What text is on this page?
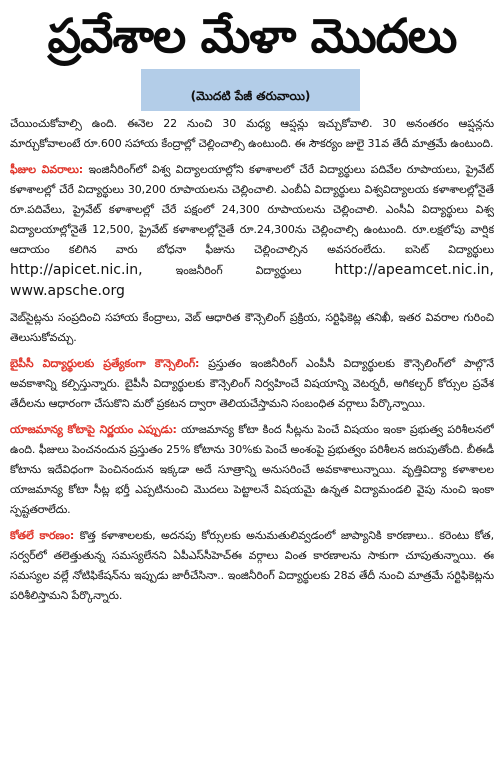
ప్రవేశాల మేళా మొదలు
(మొదటి పేజీ తరువాయి)

చేయించుకోవాల్సి ఉంది. ఈనెల 22 నుంచి 30 మధ్య ఆప్షన్లు ఇచ్చుకోవాలి. 30 అనంతరం ఆప్షన్లను మార్చుకోవాలంటే రూ.600 సహాయ కేంద్రాల్లో చెల్లించాల్సి ఉంటుంది. ఈ సౌకర్యం జులై 31వ తేదీ మాత్రమే ఉంటుంది.

ఫీజుల వివరాలు: ఇంజినీరింగ్‌లో విశ్వ విద్యాలయాల్లోని కళాశాలలో చేరే విద్యార్థులు పదివేల రూపాయలు, ప్రైవేట్ కళాశాలల్లో చేరే విద్యార్థులు 30,200 రూపాయలను చెల్లించాలి. ఎంబీఏ విద్యార్థులు విశ్వవిద్యాలయ కళాశాలల్లోనైతే రూ.పదివేలు, ప్రైవేట్ కళాశాలల్లో చేరే పక్షంలో 24,300 రూపాయలను చెల్లించాలి. ఎంసీఏ విద్యార్థులు విశ్వ విద్యాలయాల్లోనైతే 12,500, ప్రైవేట్ కళాశాలల్లోనైతే రూ.24,300ను చెల్లించాల్సి ఉంటుంది. రూ.లక్షలోపు వార్షిక ఆదాయం కలిగిన వారు బోధనా ఫీజును చెల్లించాల్సిన అవసరంలేదు. ఐసెట్ విద్యార్థులు http://apicet.nic.in, ఇంజనీరింగ్ విద్యార్థులు http://apeamcet.nic.in, www.apsche.org

వెబ్‌సైట్లను సంప్రదించి సహాయ కేంద్రాలు, వెబ్ ఆధారిత కౌన్సెలింగ్ ప్రక్రియ, సర్టిఫికెట్ల తనిఖీ, ఇతర వివరాల గురించి తెలుసుకోవచ్చు.

బైపీసీ విద్యార్థులకు ప్రత్యేకంగా కౌన్సెలింగ్: ప్రస్తుతం ఇంజినీరింగ్ ఎంపీసీ విద్యార్థులకు కౌన్సెలింగ్‌లో పాల్గొనే అవకాశాన్ని కల్పిస్తున్నారు. బైపీసీ విద్యార్థులకు కౌన్సెలింగ్ నిర్వహించే విషయాన్ని వెటర్నరీ, అగికల్చర్ కోర్సుల ప్రవేశ తేదీలను ఆధారంగా చేసుకొని మరో ప్రకటన ద్వారా తెలియచేస్తామని సంబంధిత వర్గాలు పేర్కొన్నాయి.

యాజమాన్య కోటాపై నిర్ణయం ఎప్పుడు: యాజమాన్య కోటా కింద సీట్లను పెంచే విషయం ఇంకా ప్రభుత్వ పరిశీలనలో ఉంది. ఫీజులు పెంచనందున ప్రస్తుతం 25% కోటాను 30%కు పెంచే అంశంపై ప్రభుత్వం పరిశీలన జరుపుతోంది. బీఈడీ కోటాను ఇదేవిధంగా పెంచినందున ఇక్కడా అదే సూత్రాన్ని అనుసరించే అవకాశాలున్నాయి. వృత్తివిద్యా కళాశాలల యాజమాన్య కోటా సీట్ల భర్తీ ఎప్పటినుంచి మొదలు పెట్టాలనే విషయమై ఉన్నత విద్యామండలి వైపు నుంచి ఇంకా స్పష్టతరాలేదు.

కోతలే కారణం: కొత్త కళాశాలలకు, అదనపు కోర్సులకు అనుమతులివ్వడంలో జాప్యానికి కారణాలు.. కరెంటు కోత, సర్వర్‌లో తలెత్తుతున్న సమస్యలేనని ఏపీఎస్‌సీహెచ్‌ఈ వర్గాలు వింత కారణాలను సాకుగా చూపుతున్నాయి. ఈ సమస్యల వల్లే నోటిఫికేషన్‌ను ఇప్పుడు జారీచేసినా.. ఇంజినీరింగ్ విద్యార్థులకు 28వ తేదీ నుంచి మాత్రమే సర్టిఫికెట్లను పరిశీలిస్తామని పేర్కొన్నారు.
